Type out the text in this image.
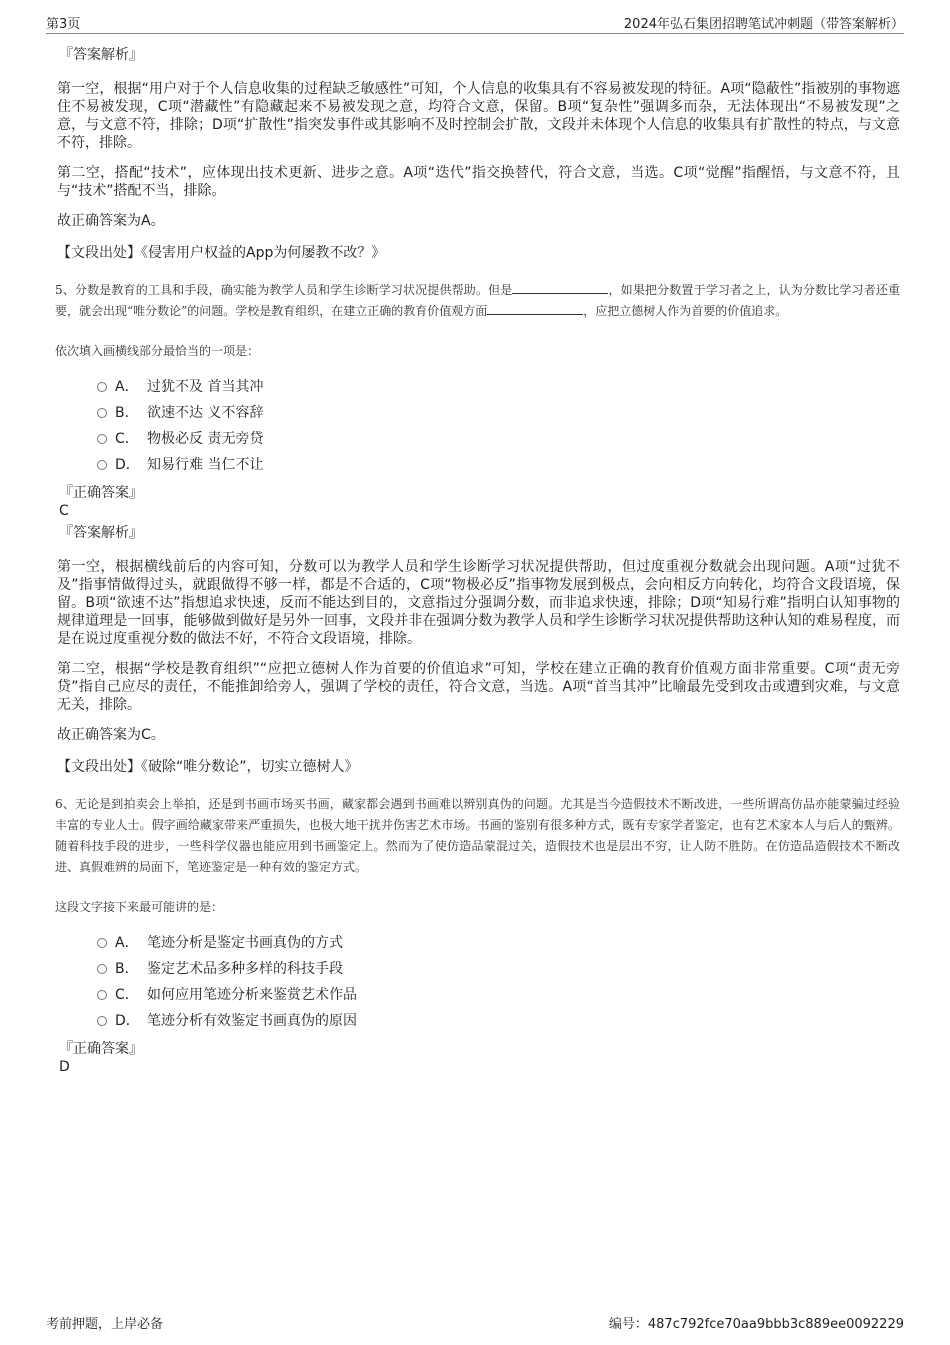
第3页	2024年弘石集团招聘笔试冲刺题（带答案解析）
『答案解析』

第一空，根据“用户对于个人信息收集的过程缺乏敏感性”可知，个人信息的收集具有不容易被发现的特征。A项“隐蔽性”指被别的事物遮住不易被发现，C项“潜藏性”有隐藏起来不易被发现之意，均符合文意，保留。B项“复杂性”强调多而杂，无法体现出“不易被发现”之意，与文意不符，排除；D项“扩散性”指突发事件或其影响不及时控制会扩散，文段并未体现个人信息的收集具有扩散性的特点，与文意不符，排除。

第二空，搭配“技术”，应体现出技术更新、进步之意。A项“迭代”指交换替代，符合文意，当选。C项“觉醒”指醒悟，与文意不符，且与“技术”搭配不当，排除。

故正确答案为A。

【文段出处】《侵害用户权益的App为何屡教不改？》

5、分数是教育的工具和手段，确实能为教学人员和学生诊断学习状况提供帮助。但是	，如果把分数置于学习者之上，认为分数比学习者还重要，就会出现“唯分数论”的问题。学校是教育组织，在建立正确的教育价值观方面	，应把立德树人作为首要的价值追求。

依次填入画横线部分最恰当的一项是：

A． 过犹不及 首当其冲
B． 欲速不达 义不容辞
C． 物极必反 责无旁贷
D． 知易行难 当仁不让
『正确答案』
C
『答案解析』

第一空，根据横线前后的内容可知，分数可以为教学人员和学生诊断学习状况提供帮助，但过度重视分数就会出现问题。A项“过犹不及”指事情做得过头，就跟做得不够一样，都是不合适的，C项“物极必反”指事物发展到极点，会向相反方向转化，均符合文段语境，保留。B项“欲速不达”指想追求快速，反而不能达到目的，文意指过分强调分数，而非追求快速，排除；D项“知易行难”指明白认知事物的规律道理是一回事，能够做到做好是另外一回事，文段并非在强调分数为教学人员和学生诊断学习状况提供帮助这种认知的难易程度，而是在说过度重视分数的做法不好，不符合文段语境，排除。

第二空，根据“学校是教育组织”“应把立德树人作为首要的价值追求”可知，学校在建立正确的教育价值观方面非常重要。C项“责无旁贷”指自己应尽的责任，不能推卸给旁人，强调了学校的责任，符合文意，当选。A项“首当其冲”比喻最先受到攻击或遭到灾难，与文意无关，排除。

故正确答案为C。

【文段出处】《破除“唯分数论”，切实立德树人》

6、无论是到拍卖会上举拍，还是到书画市场买书画，藏家都会遇到书画难以辨别真伪的问题。尤其是当今造假技术不断改进，一些所谓高仿品亦能蒙骗过经验丰富的专业人士。假字画给藏家带来严重损失，也极大地干扰并伤害艺术市场。书画的鉴别有很多种方式，既有专家学者鉴定，也有艺术家本人与后人的甄辨。随着科技手段的进步，一些科学仪器也能应用到书画鉴定上。然而为了使仿造品蒙混过关，造假技术也是层出不穷，让人防不胜防。在仿造品造假技术不断改进、真假难辨的局面下，笔迹鉴定是一种有效的鉴定方式。

这段文字接下来最可能讲的是：

A． 笔迹分析是鉴定书画真伪的方式
B． 鉴定艺术品多种多样的科技手段
C． 如何应用笔迹分析来鉴赏艺术作品
D． 笔迹分析有效鉴定书画真伪的原因
『正确答案』
D
考前押题，上岸必备	编号：487c792fce70aa9bbb3c889ee0092229
